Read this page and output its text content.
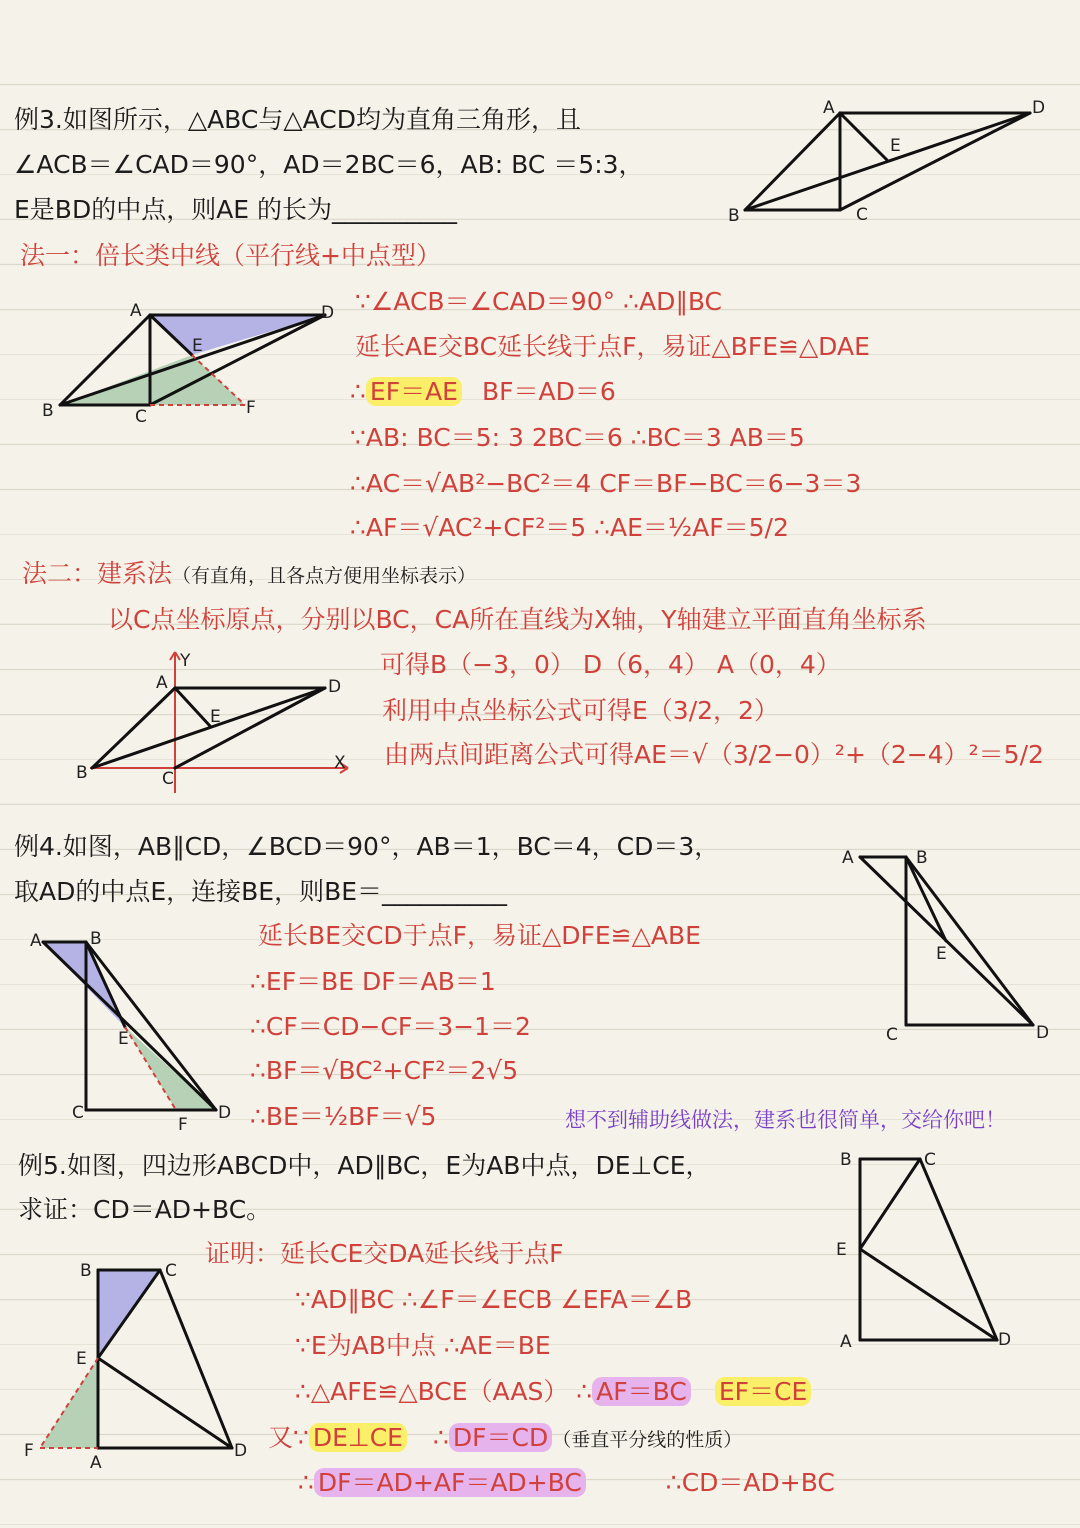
例3.如图所示，△ABC与△ACD均为直角三角形，且
∠ACB＝∠CAD＝90°，AD＝2BC＝6，AB: BC ＝5:3，
E是BD的中点，则AE 的长为__________
A	D
E
B	C
法一：倍长类中线（平行线+中点型）
A	D
E
B	C	F
∵∠ACB＝∠CAD＝90° ∴AD∥BC
延长AE交BC延长线于点F，易证△BFE≌△DAE
∴ EF＝AE BF＝AD＝6
∵AB: BC＝5: 3 2BC＝6 ∴BC＝3 AB＝5
∴AC＝√AB²−BC²＝4 CF＝BF−BC＝6−3＝3
∴AF＝√AC²+CF²＝5 ∴AE＝½AF＝5/2
法二：建系法（有直角，且各点方便用坐标表示）
以C点坐标原点，分别以BC，CA所在直线为X轴，Y轴建立平面直角坐标系
Y
A	D
E
B	C
X
可得B（−3，0） D（6，4） A（0，4）
利用中点坐标公式可得E（3/2，2）
由两点间距离公式可得AE＝√（3/2−0）²+（2−4）²＝5/2
例4.如图，AB∥CD，∠BCD＝90°，AB＝1，BC＝4，CD＝3，
取AD的中点E，连接BE，则BE＝__________
A	B
E
C	D
A	B
E
C	D
F
延长BE交CD于点F，易证△DFE≌△ABE
∴EF＝BE DF＝AB＝1
∴CF＝CD−CF＝3−1＝2
∴BF＝√BC²+CF²＝2√5
∴BE＝½BF＝√5	想不到辅助线做法，建系也很简单，交给你吧！
例5.如图，四边形ABCD中，AD∥BC，E为AB中点，DE⊥CE，
求证：CD＝AD+BC。
B	C
E
A	D
B	C
E
F
A
D
证明：延长CE交DA延长线于点F
∵AD∥BC ∴∠F＝∠ECB ∠EFA＝∠B
∵E为AB中点 ∴AE＝BE
∴△AFE≌△BCE（AAS） ∴ AF＝BC EF＝CE
又∵ DE⊥CE ∴ DF＝CD （垂直平分线的性质）
∴ DF＝AD+AF＝AD+BC	∴CD＝AD+BC
